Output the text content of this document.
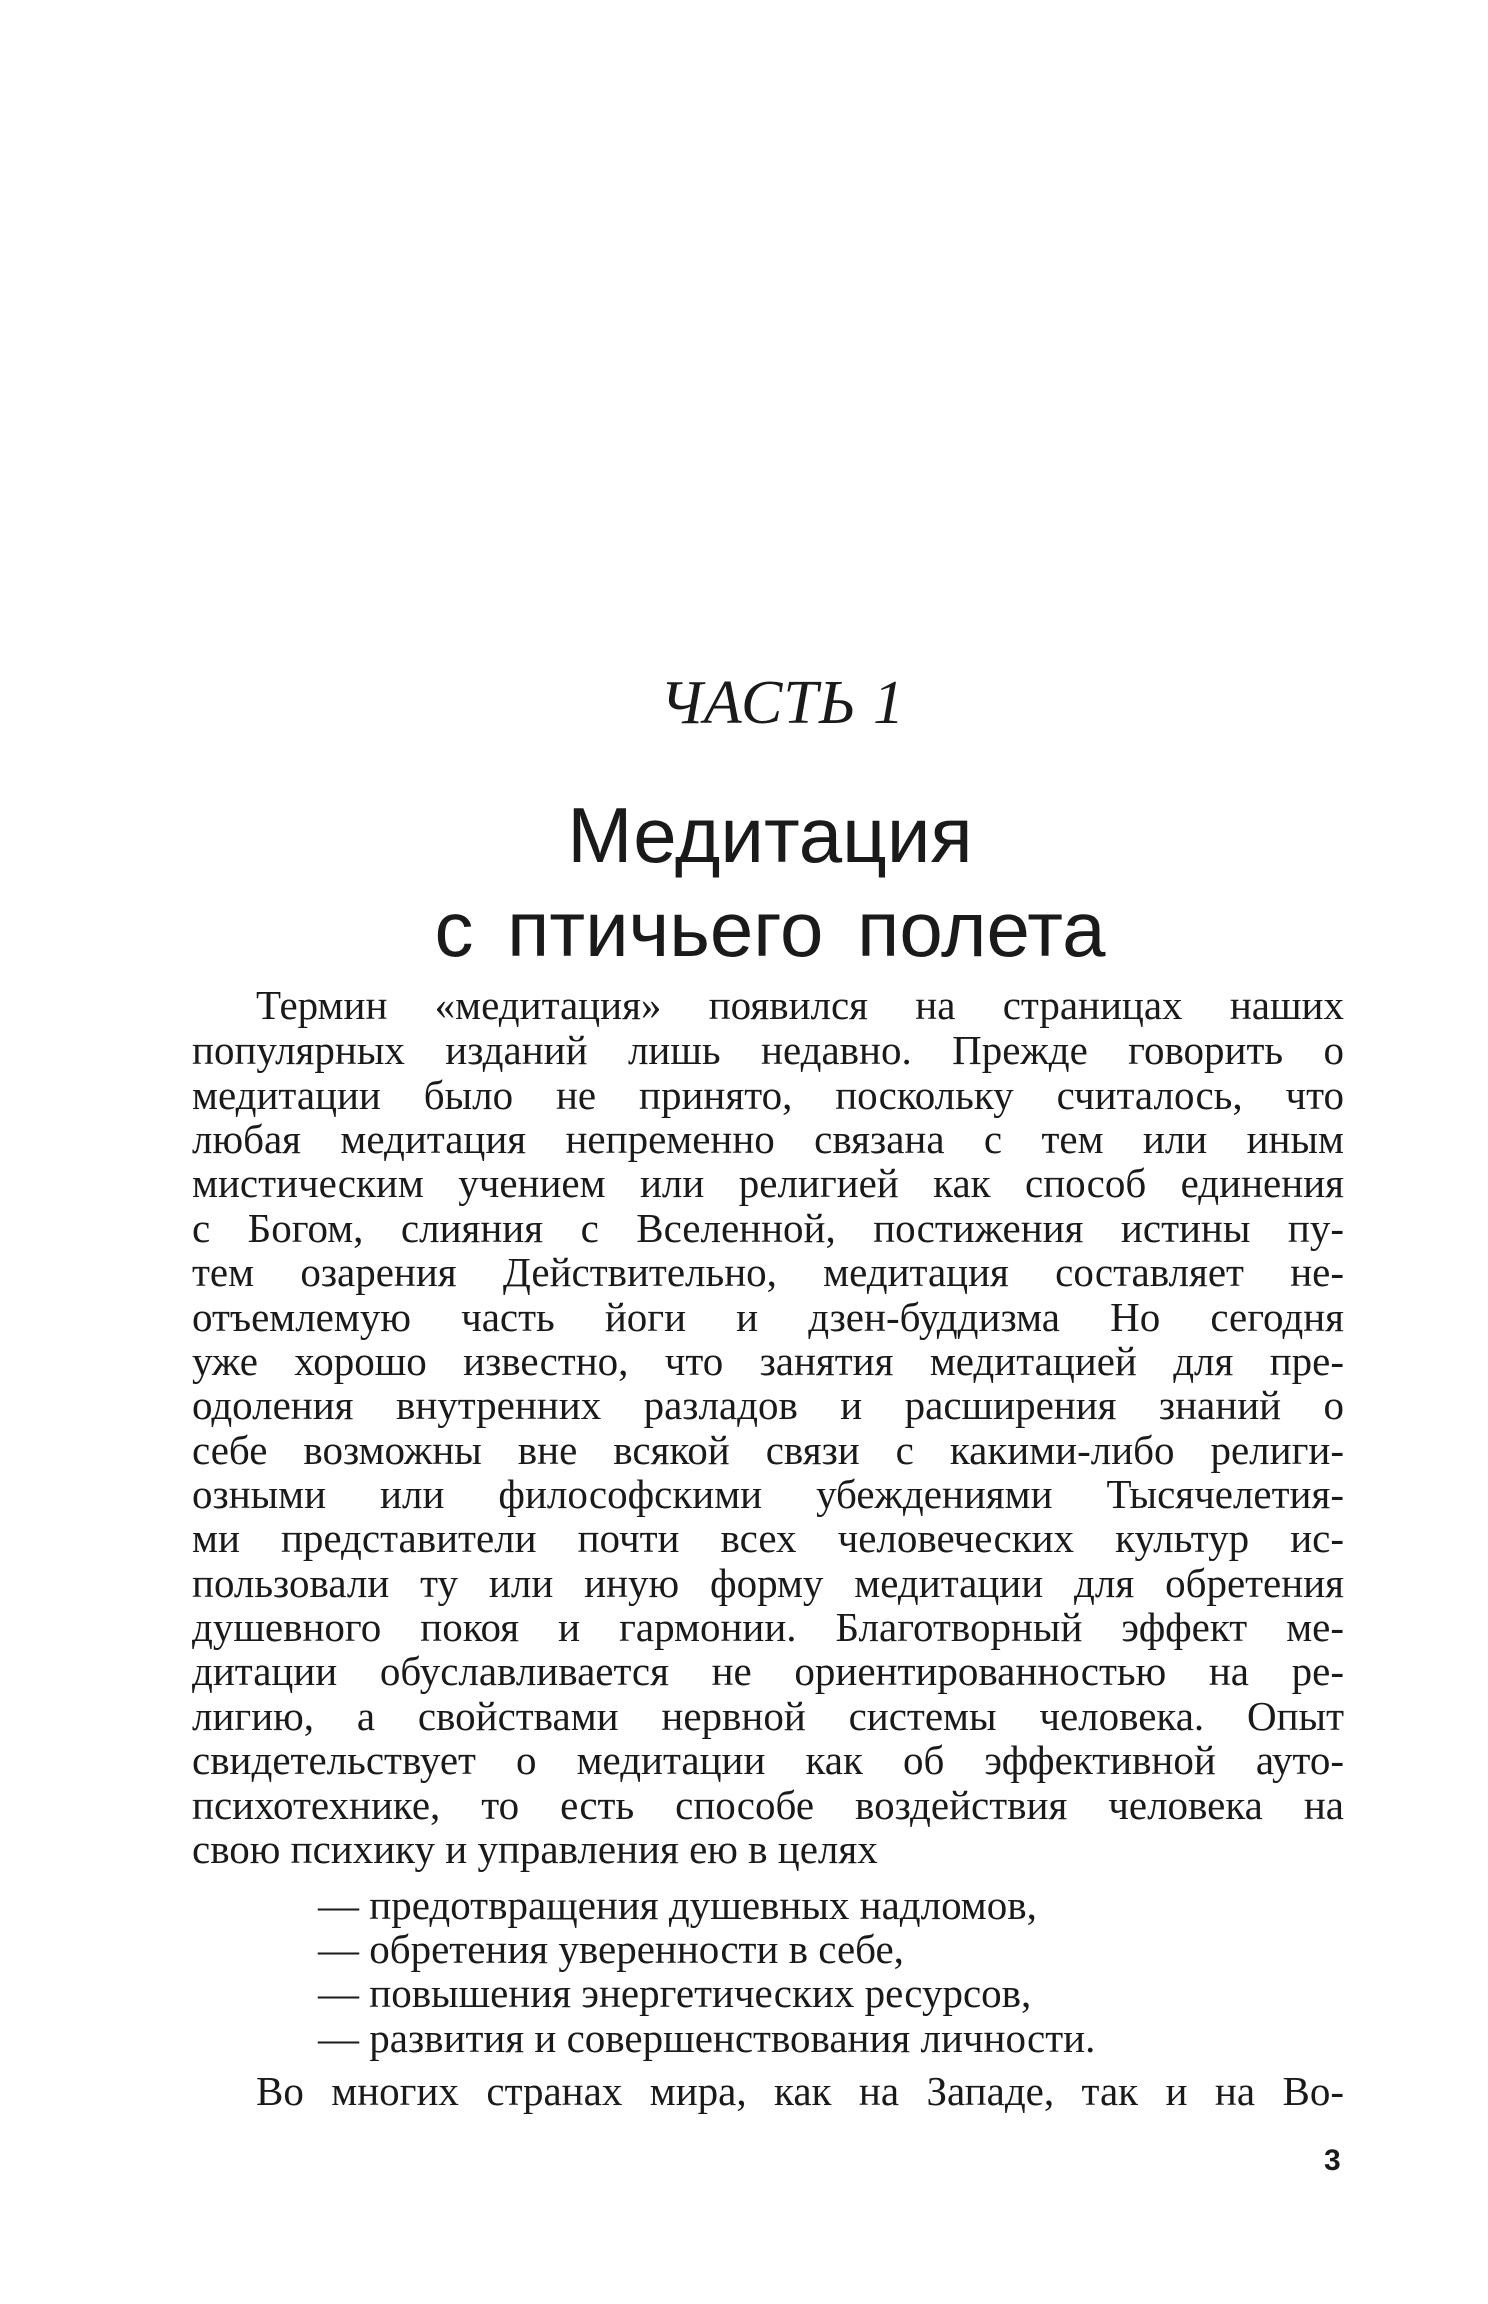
ЧАСТЬ 1
Медитация
с птичьего полета
Термин «медитация» появился на страницах наших
популярных изданий лишь недавно. Прежде говорить о
медитации было не принято, поскольку считалось, что
любая медитация непременно связана с тем или иным
мистическим учением или религией как способ единения
с Богом, слияния с Вселенной, постижения истины пу-
тем озарения Действительно, медитация составляет не-
отъемлемую часть йоги и дзен-буддизма Но сегодня
уже хорошо известно, что занятия медитацией для пре-
одоления внутренних разладов и расширения знаний о
себе возможны вне всякой связи с какими-либо религи-
озными или философскими убеждениями Тысячелетия-
ми представители почти всех человеческих культур ис-
пользовали ту или иную форму медитации для обретения
душевного покоя и гармонии. Благотворный эффект ме-
дитации обуславливается не ориентированностью на ре-
лигию, а свойствами нервной системы человека. Опыт
свидетельствует о медитации как об эффективной ауто-
психотехнике, то есть способе воздействия человека на
свою психику и управления ею в целях
— предотвращения душевных надломов,
— обретения уверенности в себе,
— повышения энергетических ресурсов,
— развития и совершенствования личности.
Во многих странах мира, как на Западе, так и на Во-
3
